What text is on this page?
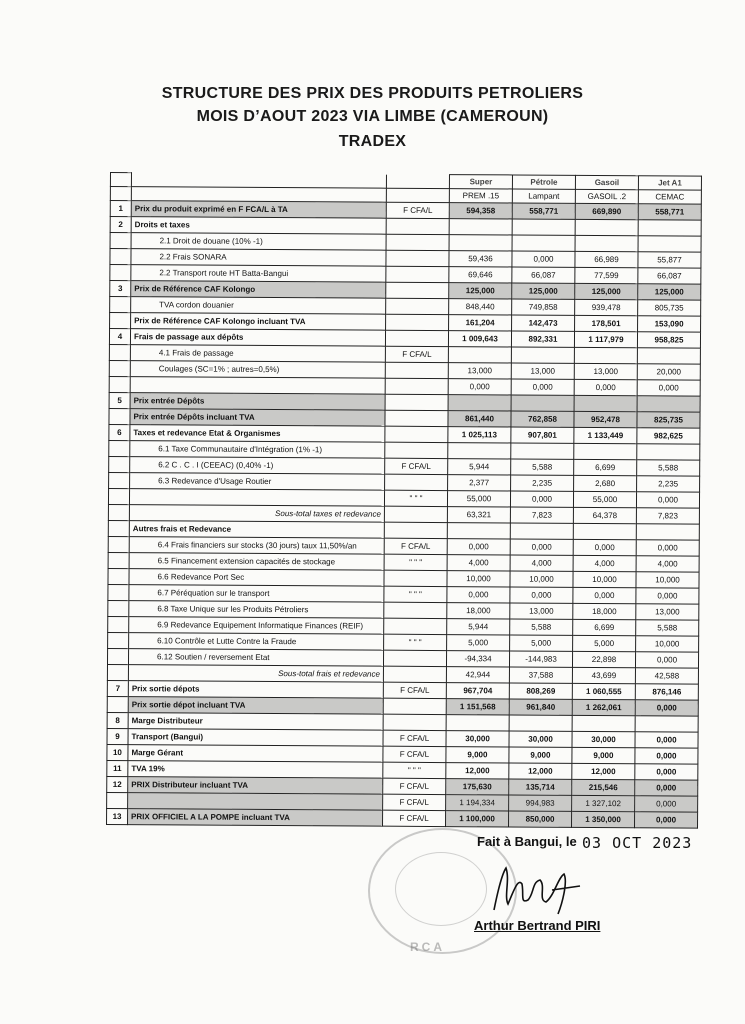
STRUCTURE DES PRIX DES PRODUITS PETROLIERS
MOIS D’AOUT 2023 VIA LIMBE (CAMEROUN)
TRADEX
			Super	Pétrole	Gasoil	Jet A1
			PREM .15	Lampant	GASOIL .2	CEMAC
1	Prix du produit exprimé en F FCA/L à TA	F CFA/L	594,358	558,771	669,890	558,771
2	Droits et taxes					
	2.1 Droit de douane (10% -1)					
	2.2 Frais SONARA		59,436	0,000	66,989	55,877
	2.2 Transport route HT Batta-Bangui		69,646	66,087	77,599	66,087
3	Prix de Référence CAF Kolongo		125,000	125,000	125,000	125,000
	TVA cordon douanier		848,440	749,858	939,478	805,735
	Prix de Référence CAF Kolongo incluant TVA		161,204	142,473	178,501	153,090
4	Frais de passage aux dépôts		1 009,643	892,331	1 117,979	958,825
	4.1 Frais de passage	F CFA/L				
	Coulages (SC=1% ; autres=0,5%)		13,000	13,000	13,000	20,000
			0,000	0,000	0,000	0,000
5	Prix entrée Dépôts					
	Prix entrée Dépôts incluant TVA		861,440	762,858	952,478	825,735
6	Taxes et redevance Etat & Organismes		1 025,113	907,801	1 133,449	982,625
	6.1 Taxe Communautaire d'Intégration (1% -1)					
	6.2 C . C . I (CEEAC) (0,40% -1)	F CFA/L	5,944	5,588	6,699	5,588
	6.3 Redevance d'Usage Routier		2,377	2,235	2,680	2,235
		" " "	55,000	0,000	55,000	0,000
	Sous-total taxes et redevance		63,321	7,823	64,378	7,823
	Autres frais et Redevance					
	6.4 Frais financiers sur stocks (30 jours) taux 11,50%/an	F CFA/L	0,000	0,000	0,000	0,000
	6.5 Financement extension capacités de stockage	" " "	4,000	4,000	4,000	4,000
	6.6 Redevance Port Sec		10,000	10,000	10,000	10,000
	6.7 Péréquation sur le transport	" " "	0,000	0,000	0,000	0,000
	6.8 Taxe Unique sur les Produits Pétroliers		18,000	13,000	18,000	13,000
	6.9 Redevance Equipement Informatique Finances (REIF)		5,944	5,588	6,699	5,588
	6.10 Contrôle et Lutte Contre la Fraude	" " "	5,000	5,000	5,000	10,000
	6.12 Soutien / reversement Etat		-94,334	-144,983	22,898	0,000
	Sous-total frais et redevance		42,944	37,588	43,699	42,588
7	Prix sortie dépots	F CFA/L	967,704	808,269	1 060,555	876,146
	Prix sortie dépot incluant TVA		1 151,568	961,840	1 262,061	0,000
8	Marge Distributeur					
9	Transport (Bangui)	F CFA/L	30,000	30,000	30,000	0,000
10	Marge Gérant	F CFA/L	9,000	9,000	9,000	0,000
11	TVA 19%	" " "	12,000	12,000	12,000	0,000
12	PRIX Distributeur incluant TVA	F CFA/L	175,630	135,714	215,546	0,000
		F CFA/L	1 194,334	994,983	1 327,102	0,000
13	PRIX OFFICIEL A LA POMPE incluant TVA	F CFA/L	1 100,000	850,000	1 350,000	0,000
RCA
Fait à Bangui, le 03 OCT 2023
Arthur Bertrand PIRI
